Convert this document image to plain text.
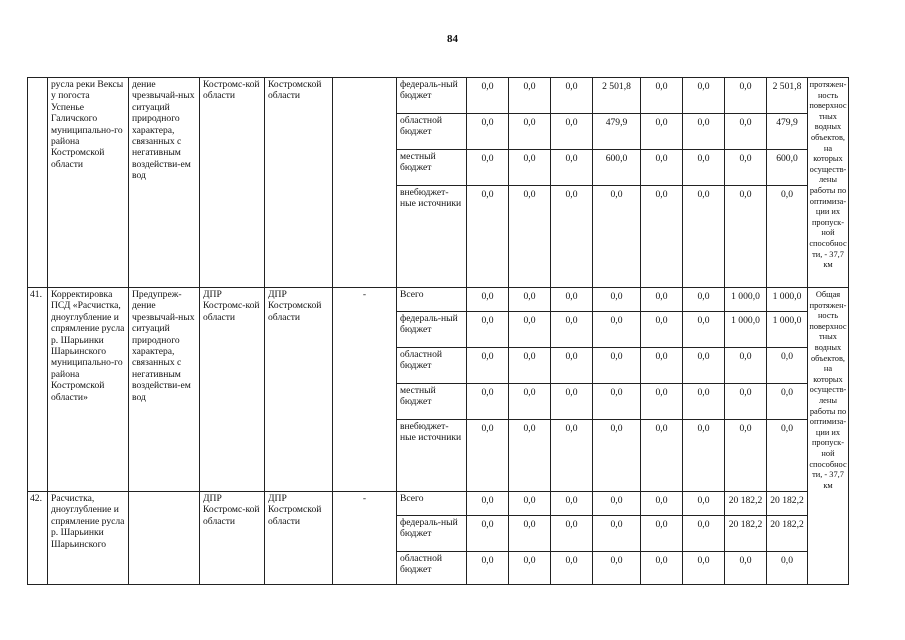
84
	русла реки Вексы у погоста Успенье Галичского муниципально-го района Костромской области	дение чрезвычай-ных ситуаций природного характера, связанных с негативным воздействи-ем вод	Костромс-кой области	Костромской области		федераль-ный бюджет	0,0	0,0	0,0	2 501,8	0,0	0,0	0,0	2 501,8	протяжен-ность поверхнос тных водных объектов, на которых осуществ-лены работы по оптимиза-ции их пропуск-ной способнос ти, - 37,7 км
						областной бюджет	0,0	0,0	0,0	479,9	0,0	0,0	0,0	479,9	
						местный бюджет	0,0	0,0	0,0	600,0	0,0	0,0	0,0	600,0	
						внебюджет-ные источники	0,0	0,0	0,0	0,0	0,0	0,0	0,0	0,0	
41.	Корректировка ПСД «Расчистка, дноуглубление и спрямление русла р. Шарьинки Шарьинского муниципально-го района Костромской области»	Предупреж-дение чрезвычай-ных ситуаций природного характера, связанных с негативным воздействи-ем вод	ДПР Костромс-кой области	ДПР Костромской области	-	Всего	0,0	0,0	0,0	0,0	0,0	0,0	1 000,0	1 000,0	Общая протяжен-ность поверхнос тных водных объектов, на которых осуществ-лены работы по оптимиза-ции их пропуск-ной способнос ти, - 37,7 км
						федераль-ный бюджет	0,0	0,0	0,0	0,0	0,0	0,0	1 000,0	1 000,0	
						областной бюджет	0,0	0,0	0,0	0,0	0,0	0,0	0,0	0,0	
						местный бюджет	0,0	0,0	0,0	0,0	0,0	0,0	0,0	0,0	
						внебюджет-ные источники	0,0	0,0	0,0	0,0	0,0	0,0	0,0	0,0	
42.	Расчистка, дноуглубление и спрямление русла р. Шарьинки Шарьинского		ДПР Костромс-кой области	ДПР Костромской области	-	Всего	0,0	0,0	0,0	0,0	0,0	0,0	20 182,2	20 182,2	
						федераль-ный бюджет	0,0	0,0	0,0	0,0	0,0	0,0	20 182,2	20 182,2	
						областной бюджет	0,0	0,0	0,0	0,0	0,0	0,0	0,0	0,0	
